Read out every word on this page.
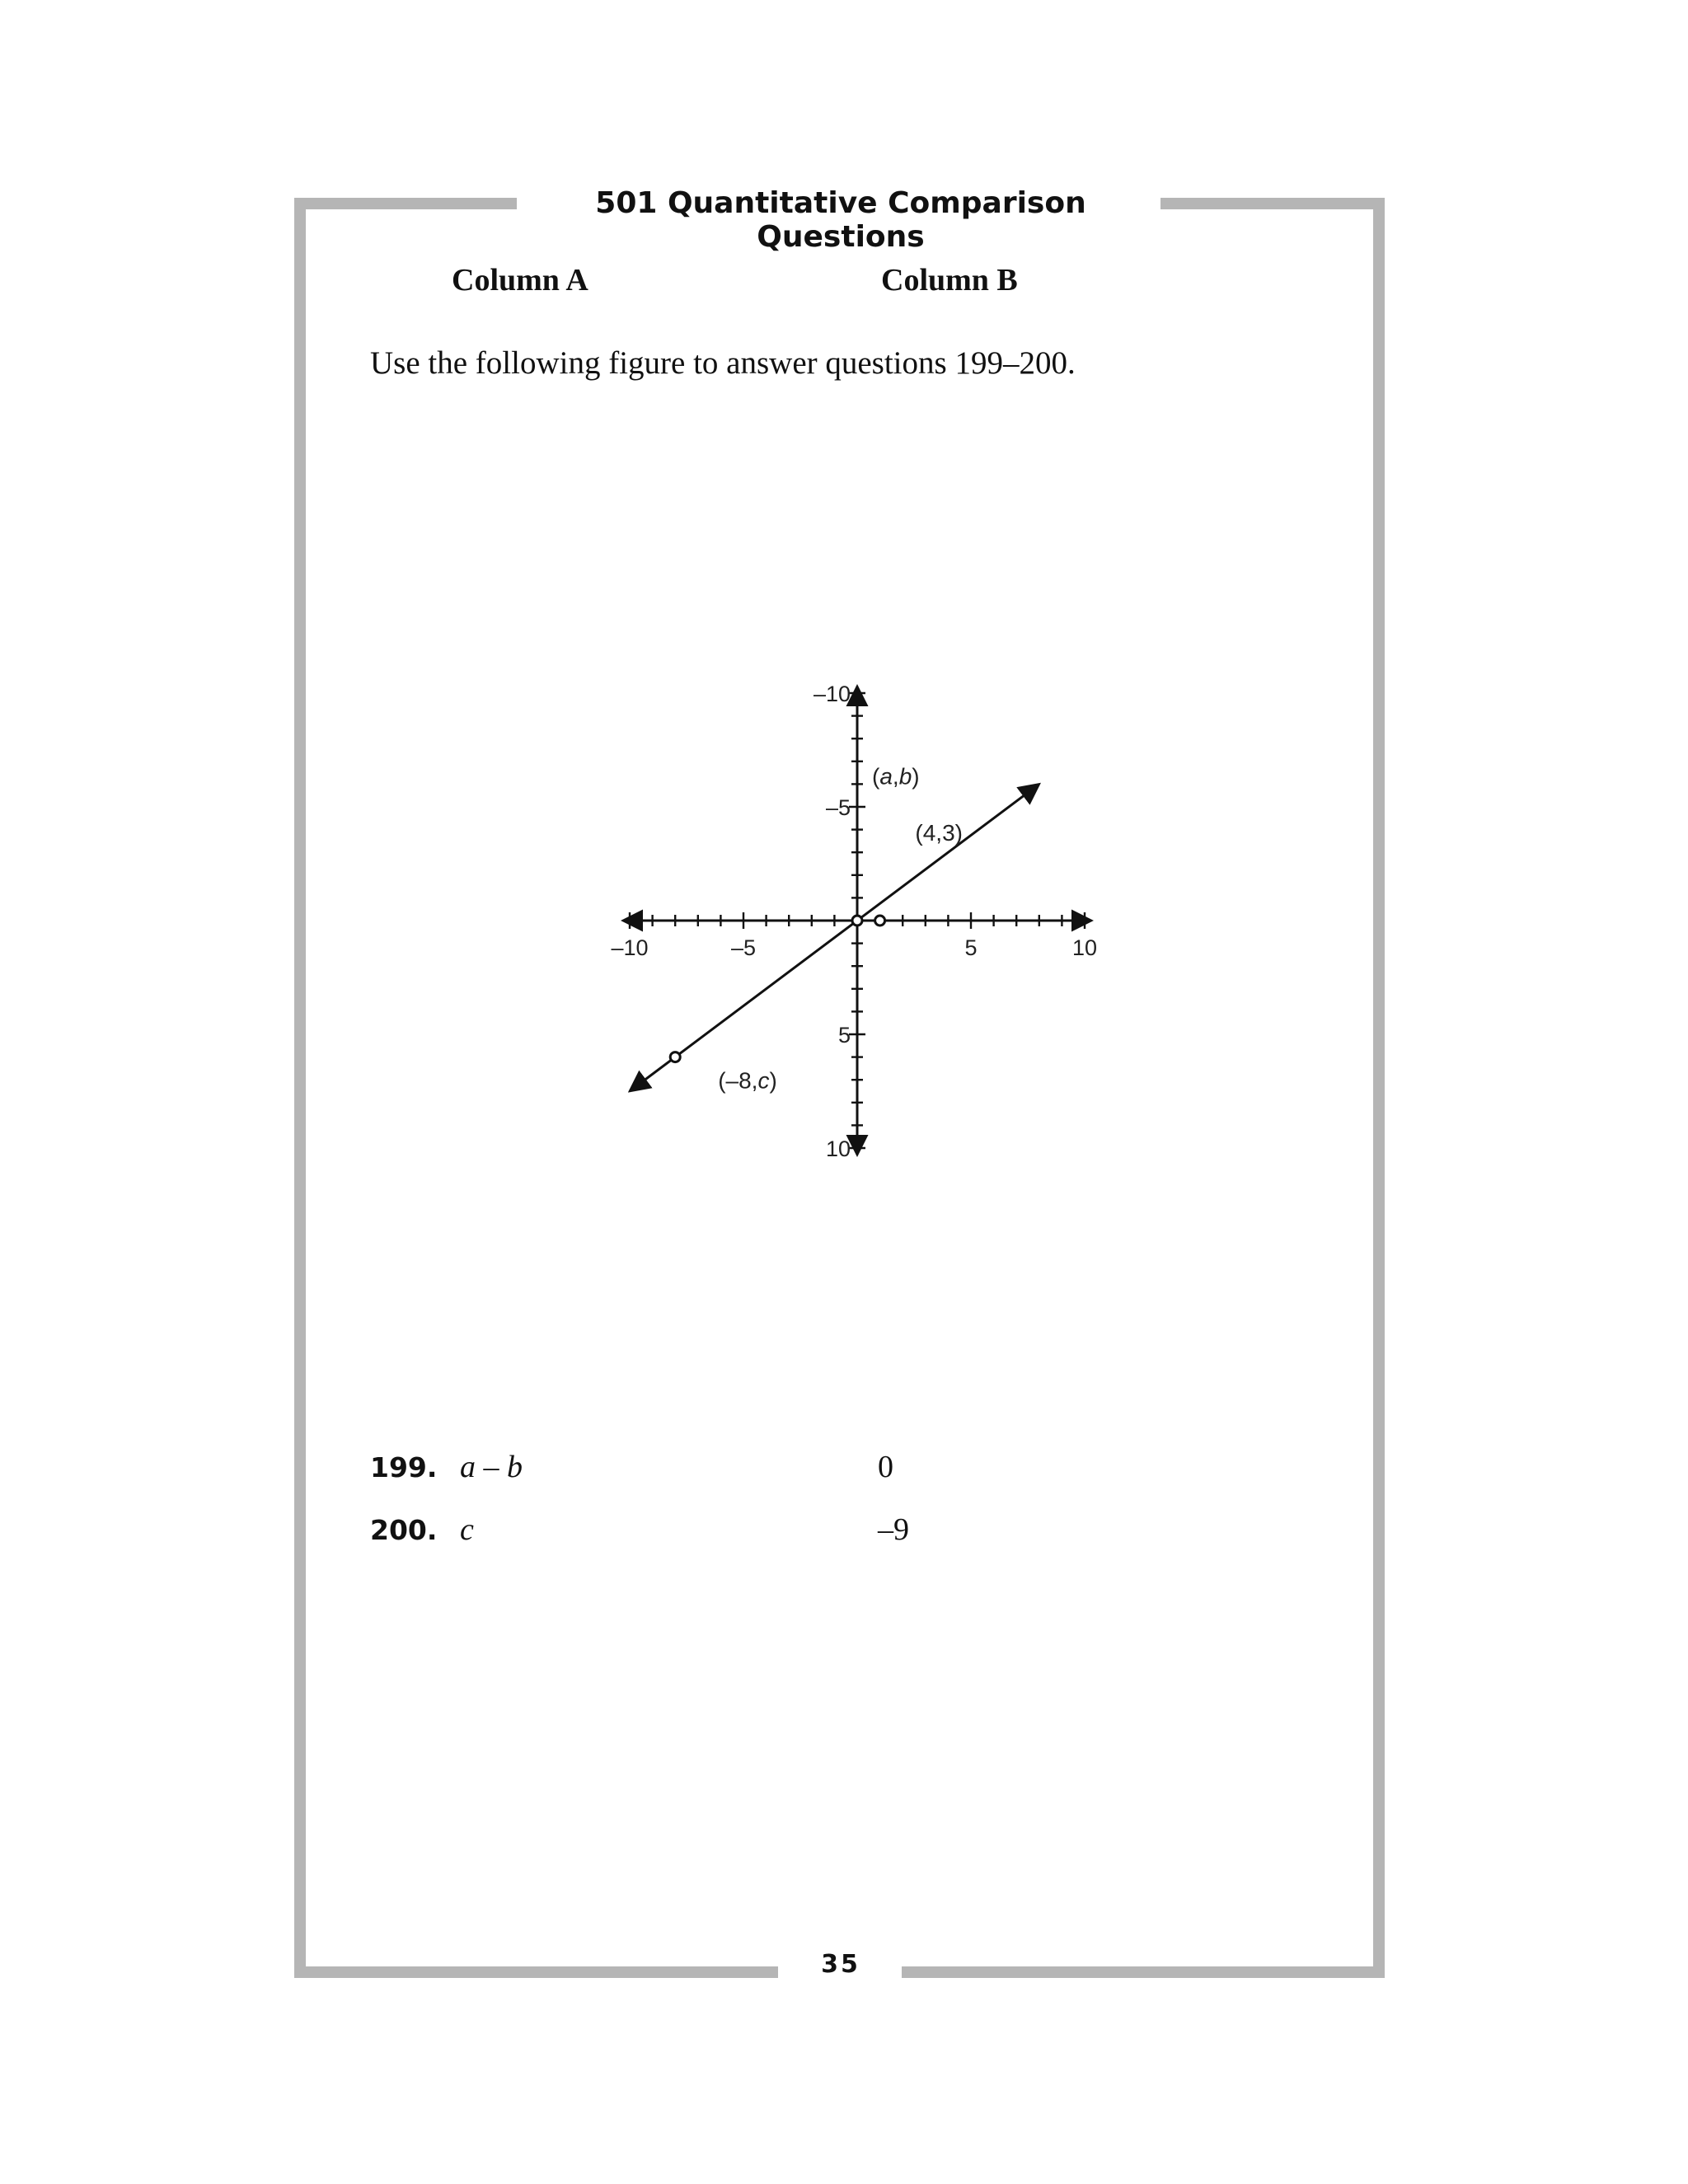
501 Quantitative Comparison Questions
Column A	Column B
Use the following figure to answer questions 199–200.
–10	–5	5	10
10
5
–5
–10
(a,b)
(4,3)
(–8,c)
199. a – b	0
200. c	–9
35
